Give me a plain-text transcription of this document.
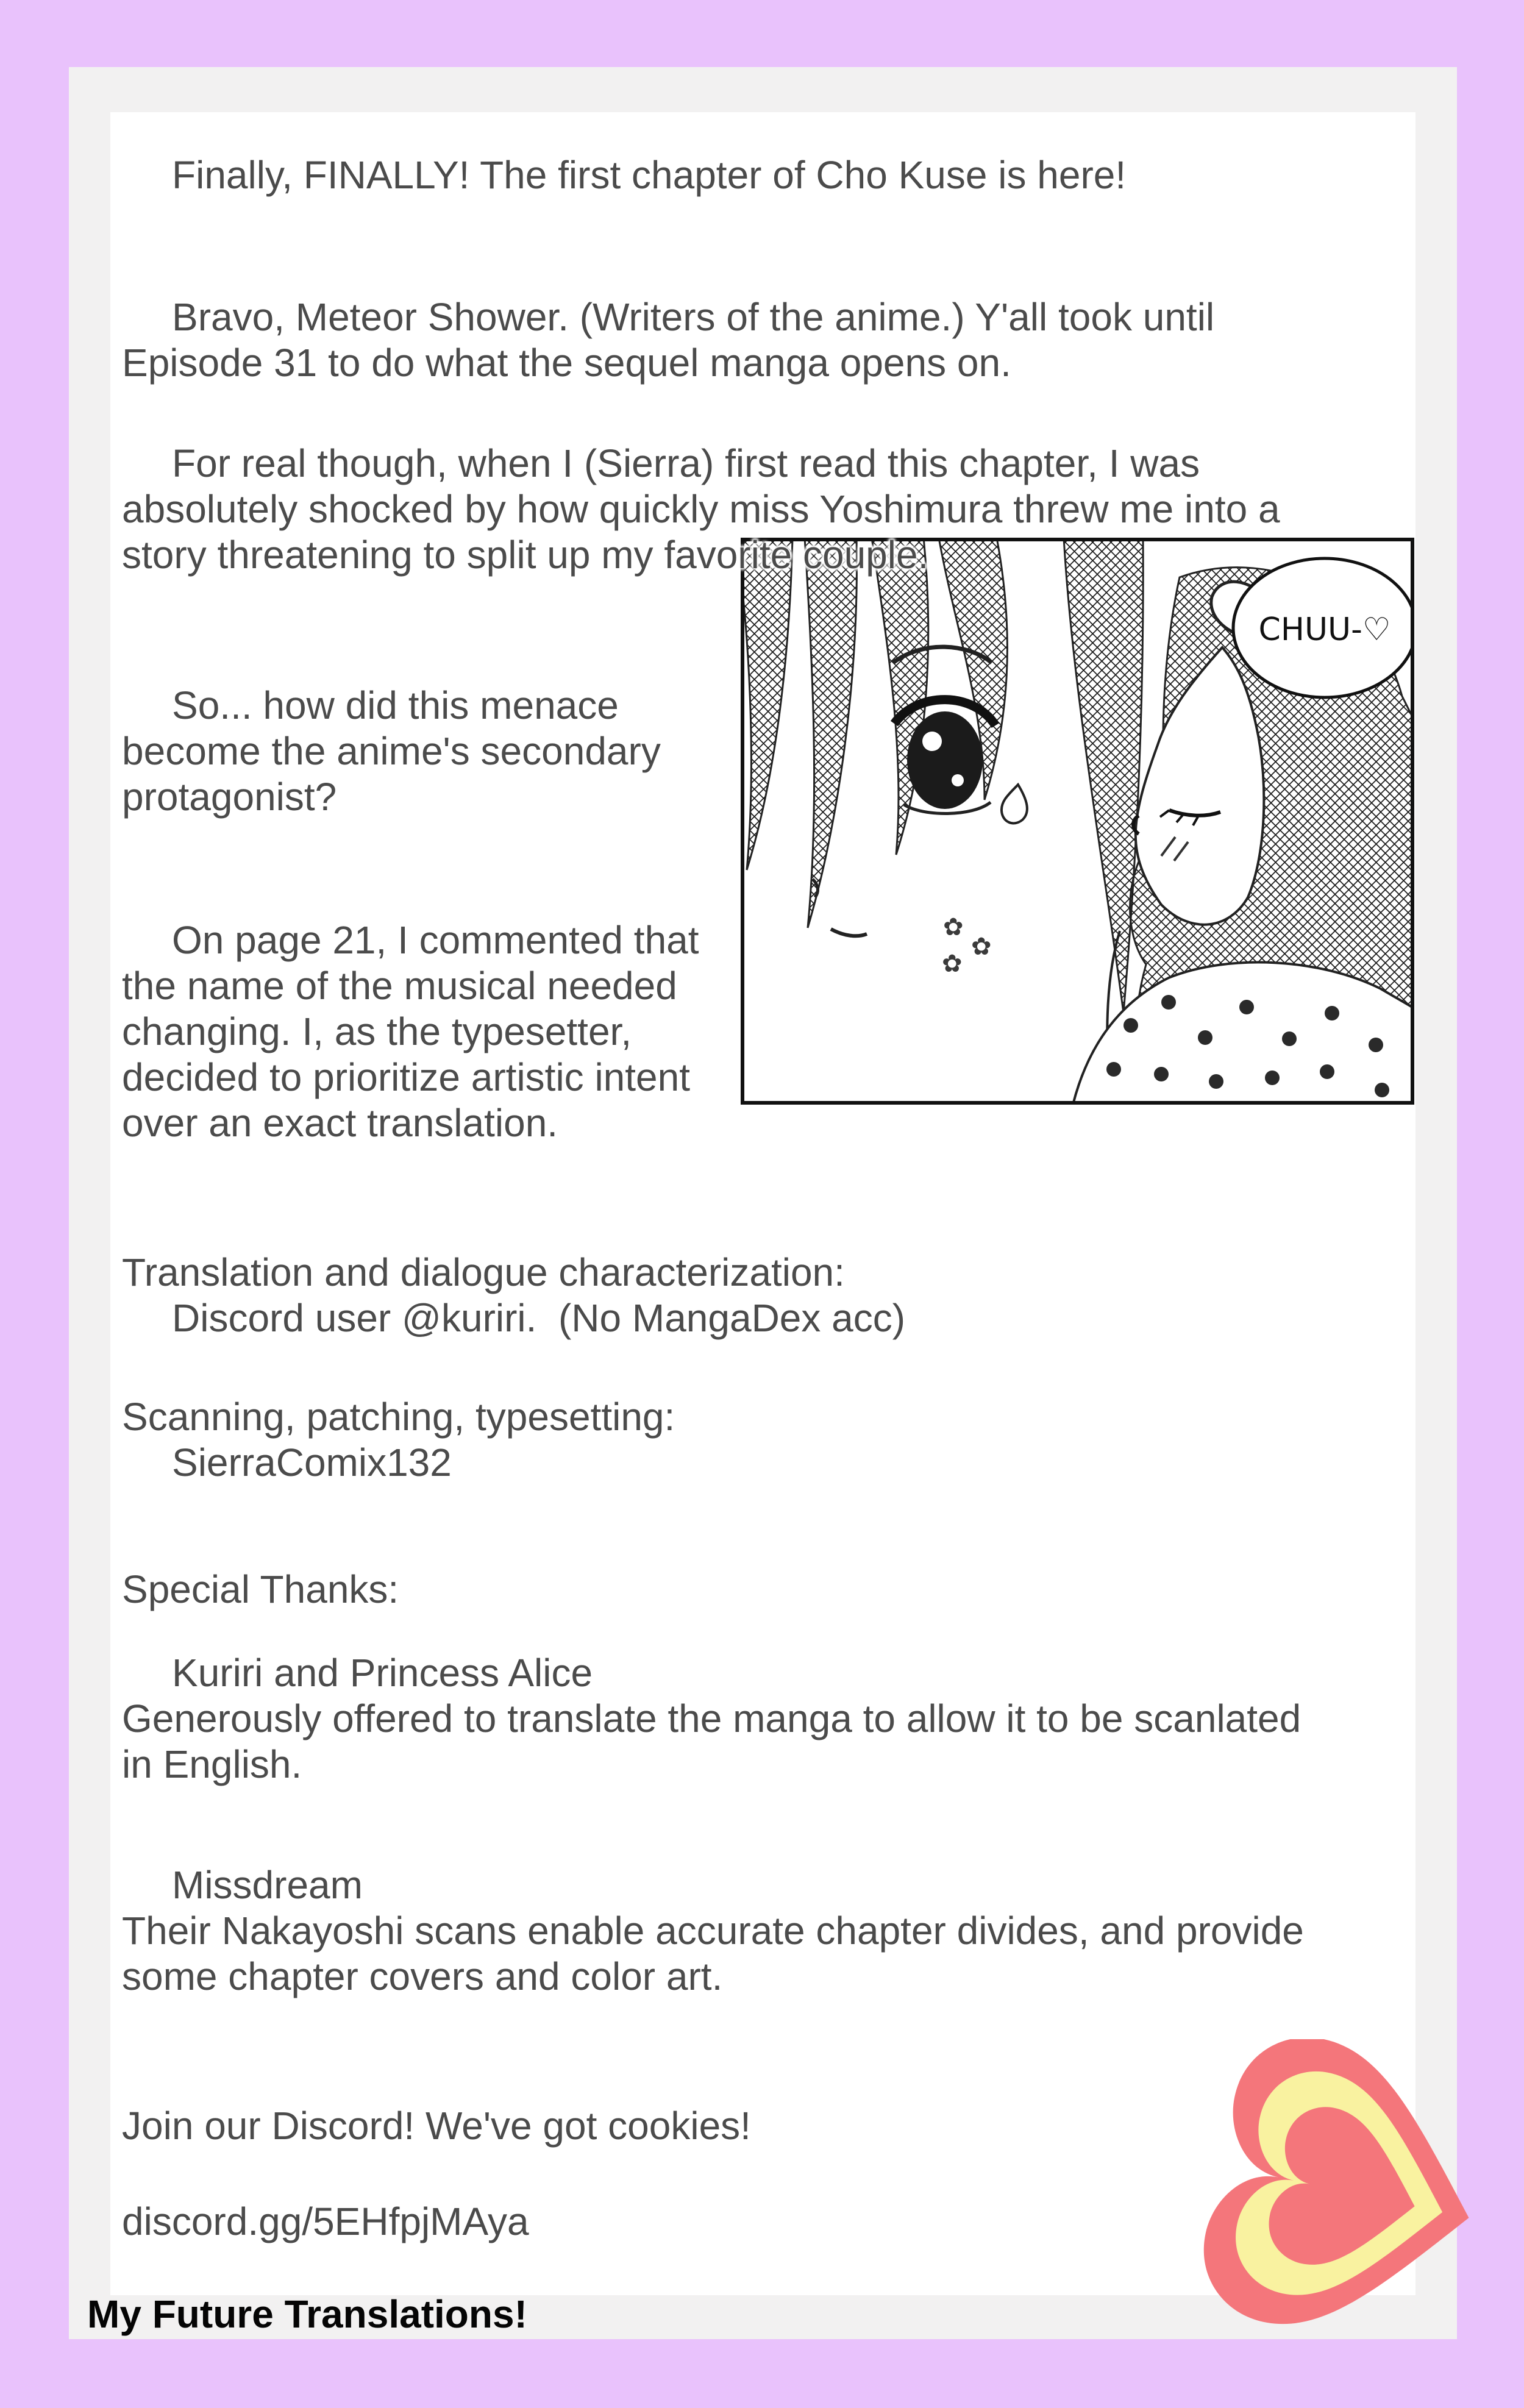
Finally, FINALLY! The first chapter of Cho Kuse is here!
Bravo, Meteor Shower. (Writers of the anime.) Y'all took until
Episode 31 to do what the sequel manga opens on.
For real though, when I (Sierra) first read this chapter, I was
absolutely shocked by how quickly miss Yoshimura threw me into a
story threatening to split up my favorite couple.
So... how did this menace
become the anime's secondary
protagonist?
On page 21, I commented that
the name of the musical needed
changing. I, as the typesetter,
decided to prioritize artistic intent
over an exact translation.
Translation and dialogue characterization:
Discord user @kuriri.  (No MangaDex acc)
Scanning, patching, typesetting:
SierraComix132
Special Thanks:
Kuriri and Princess Alice
Generously offered to translate the manga to allow it to be scanlated
in English.
Missdream
Their Nakayoshi scans enable accurate chapter divides, and provide
some chapter covers and color art.
Join our Discord! We've got cookies!
discord.gg/5EHfpjMAya
✿
✿
✿
CHUU-♡
My Future Translations!
